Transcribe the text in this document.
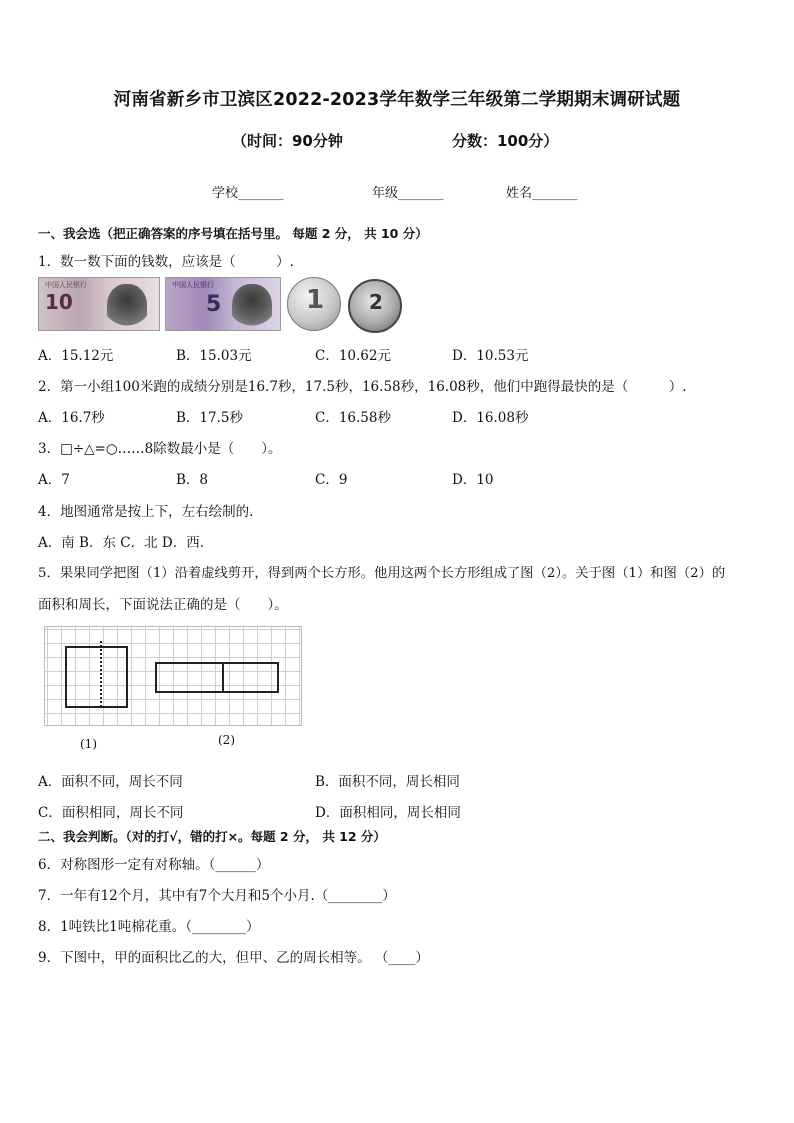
河南省新乡市卫滨区2022-2023学年数学三年级第二学期期末调研试题
（时间：90分钟	分数：100分）
学校_______	年级_______	姓名_______
一、我会选（把正确答案的序号填在括号里。 每题 2 分， 共 10 分）
1．数一数下面的钱数，应该是（　　　）.
中国人民银行
10
中国人民银行
5	1 2
A．15.12元	B．15.03元	C．10.62元	D．10.53元
2．第一小组100米跑的成绩分别是16.7秒，17.5秒，16.58秒，16.08秒，他们中跑得最快的是（　　　）.
A．16.7秒	B．17.5秒	C．16.58秒	D．16.08秒
3．□÷△=○……8除数最小是（　　）。
A．7	B．8	C．9	D．10
4．地图通常是按上下，左右绘制的.
A．南 B．东 C．北 D．西.
5．果果同学把图（1）沿着虚线剪开，得到两个长方形。他用这两个长方形组成了图（2）。关于图（1）和图（2）的
面积和周长，下面说法正确的是（　　）。
(1)	(2)
A．面积不同，周长不同	B．面积不同，周长相同
C．面积相同，周长不同	D．面积相同，周长相同
二、我会判断。（对的打√，错的打×。每题 2 分， 共 12 分）
6．对称图形一定有对称轴。（______）
7．一年有12个月，其中有7个大月和5个小月.（________）
8．1吨铁比1吨棉花重。（________）
9．下图中，甲的面积比乙的大，但甲、乙的周长相等。 （____）
